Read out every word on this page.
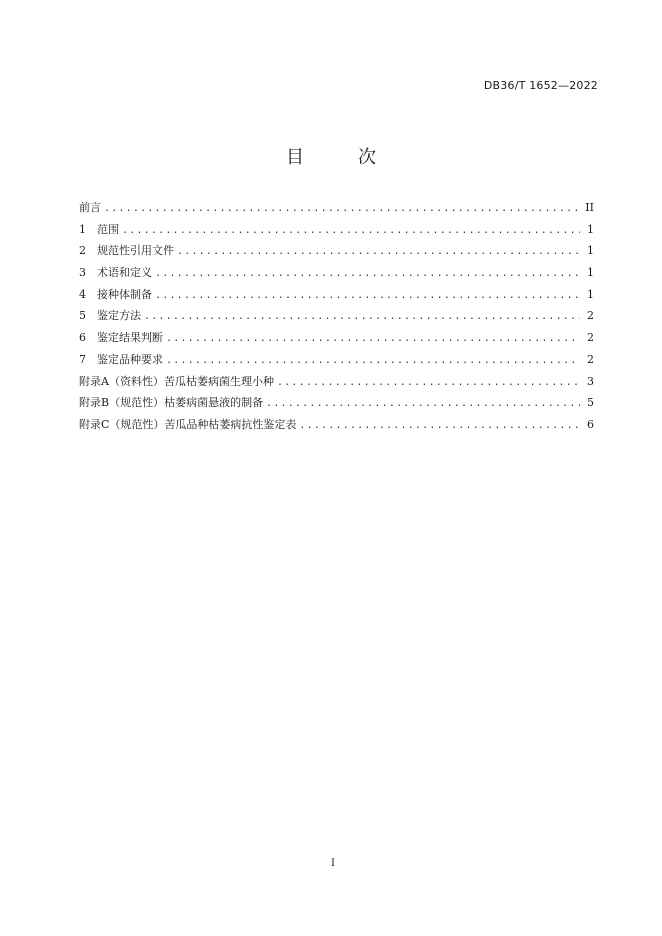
DB36/T 1652—2022
目　次
前言 .....	II
1	范围 .....	1
2	规范性引用文件 .....	1
3	术语和定义 .....	1
4	接种体制备 .....	1
5	鉴定方法 .....	2
6	鉴定结果判断 .....	2
7	鉴定品种要求 .....	2
附录A（资料性）苦瓜枯萎病菌生理小种 .....	3
附录B（规范性）枯萎病菌悬液的制备 .....	5
附录C（规范性）苦瓜品种枯萎病抗性鉴定表 .....	6
I
